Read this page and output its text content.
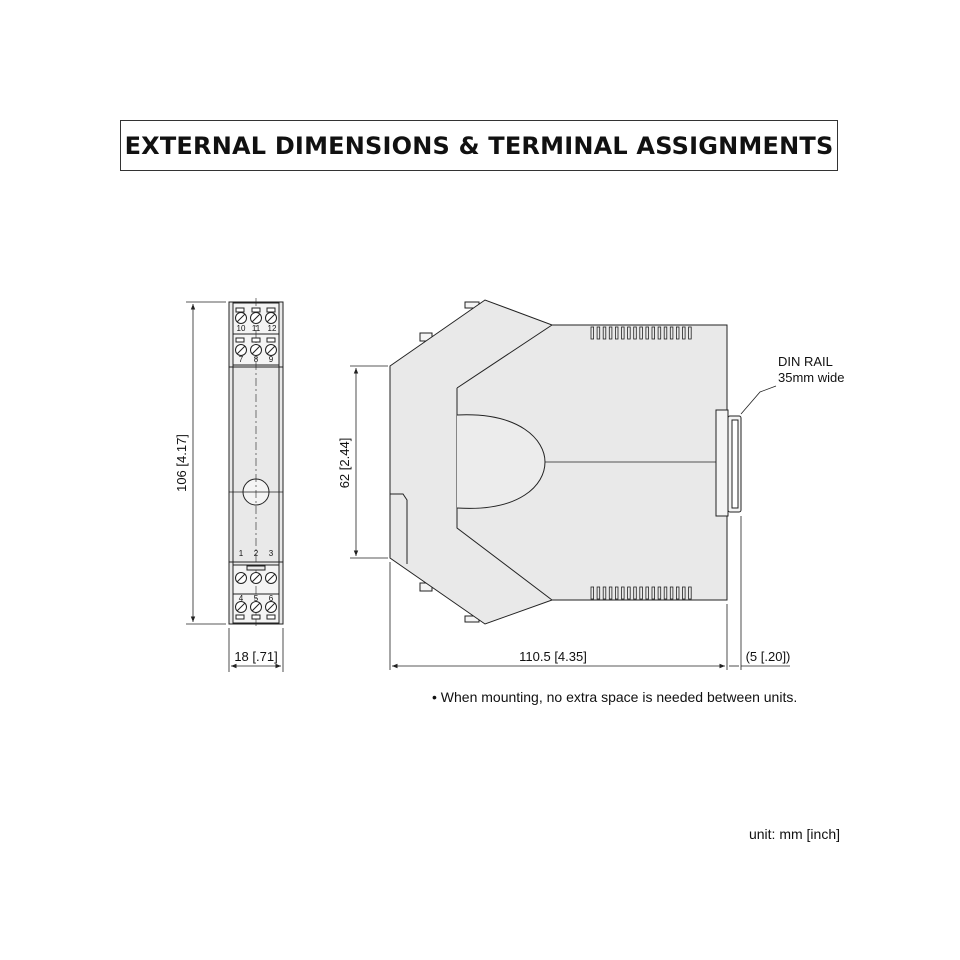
EXTERNAL DIMENSIONS & TERMINAL ASSIGNMENTS
10 11 12
7 8 9
1 2 3
4 5 6
106 [4.17]
18 [.71]
DIN RAIL
35mm wide
62 [2.44]
110.5 [4.35]	(5 [.20])
• When mounting, no extra space is needed between units.
unit: mm [inch]
